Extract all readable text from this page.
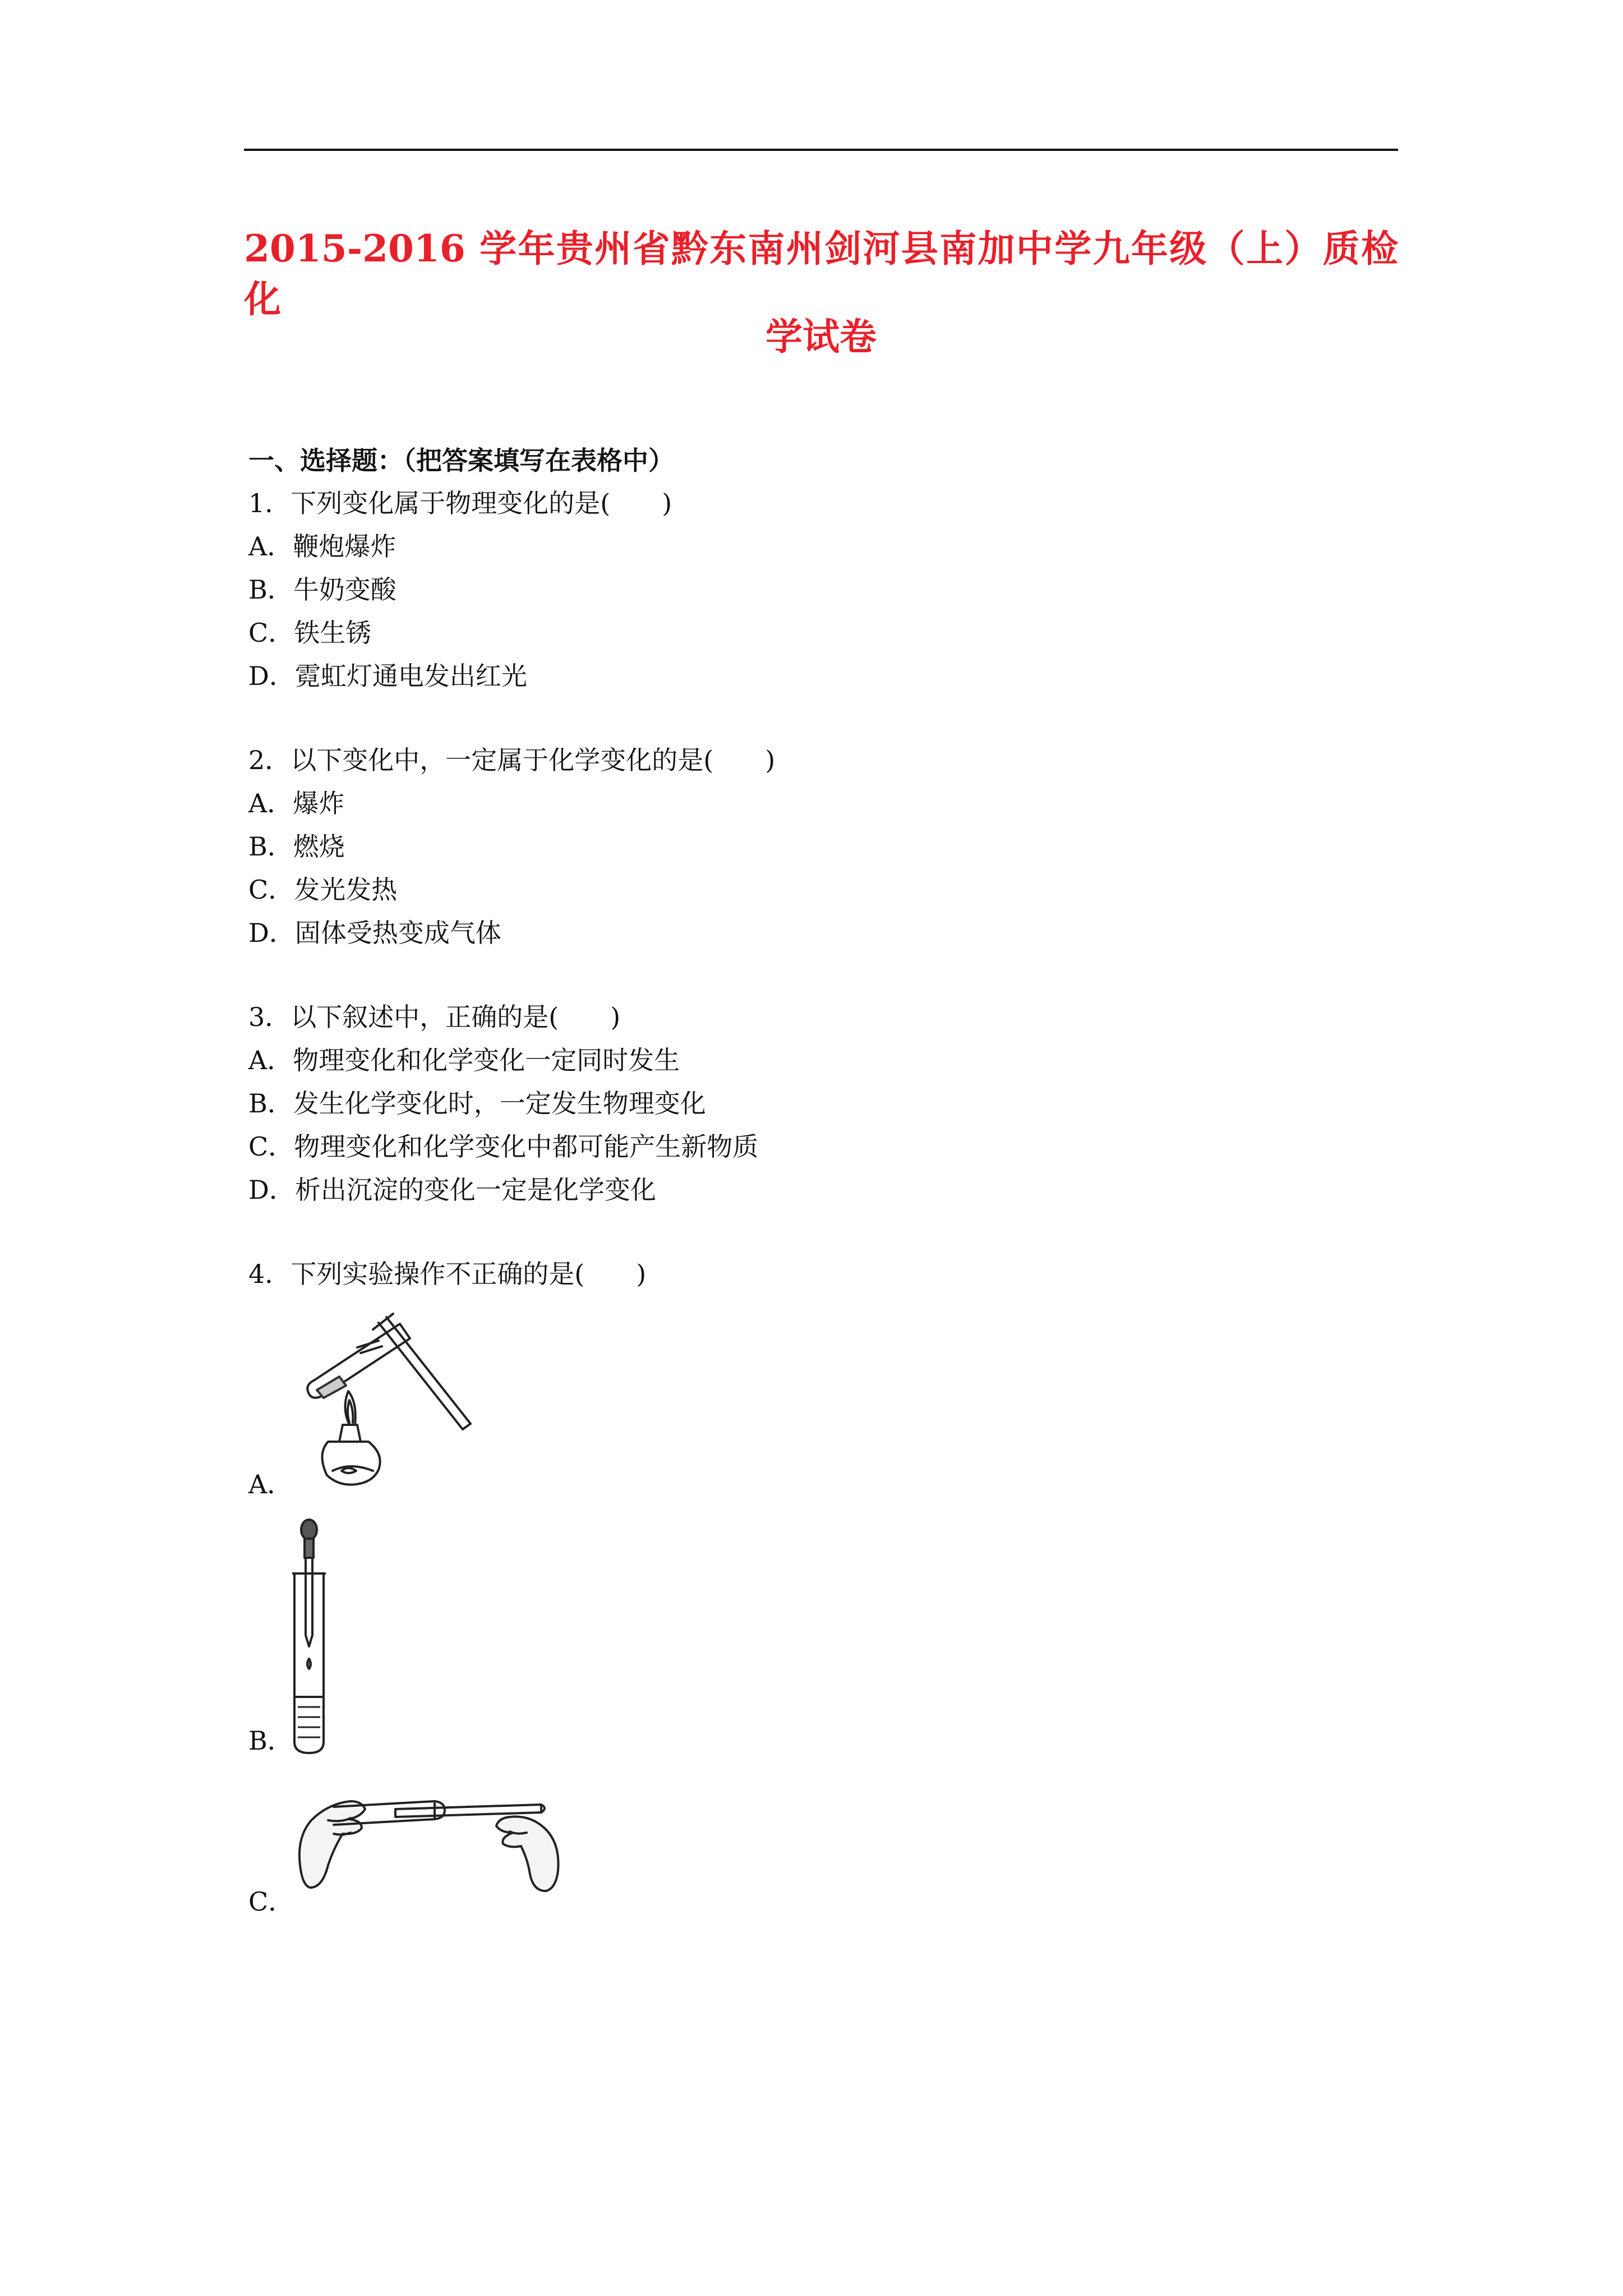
2015-2016 学年贵州省黔东南州剑河县南加中学九年级（上）质检化
学试卷
一、选择题：（把答案填写在表格中）
1．下列变化属于物理变化的是(　　)
A．鞭炮爆炸
B．牛奶变酸
C．铁生锈
D．霓虹灯通电发出红光
2．以下变化中，一定属于化学变化的是(　　)
A．爆炸
B．燃烧
C．发光发热
D．固体受热变成气体
3．以下叙述中，正确的是(　　)
A．物理变化和化学变化一定同时发生
B．发生化学变化时，一定发生物理变化
C．物理变化和化学变化中都可能产生新物质
D．析出沉淀的变化一定是化学变化
4．下列实验操作不正确的是(　　)
A．
B．
C．
